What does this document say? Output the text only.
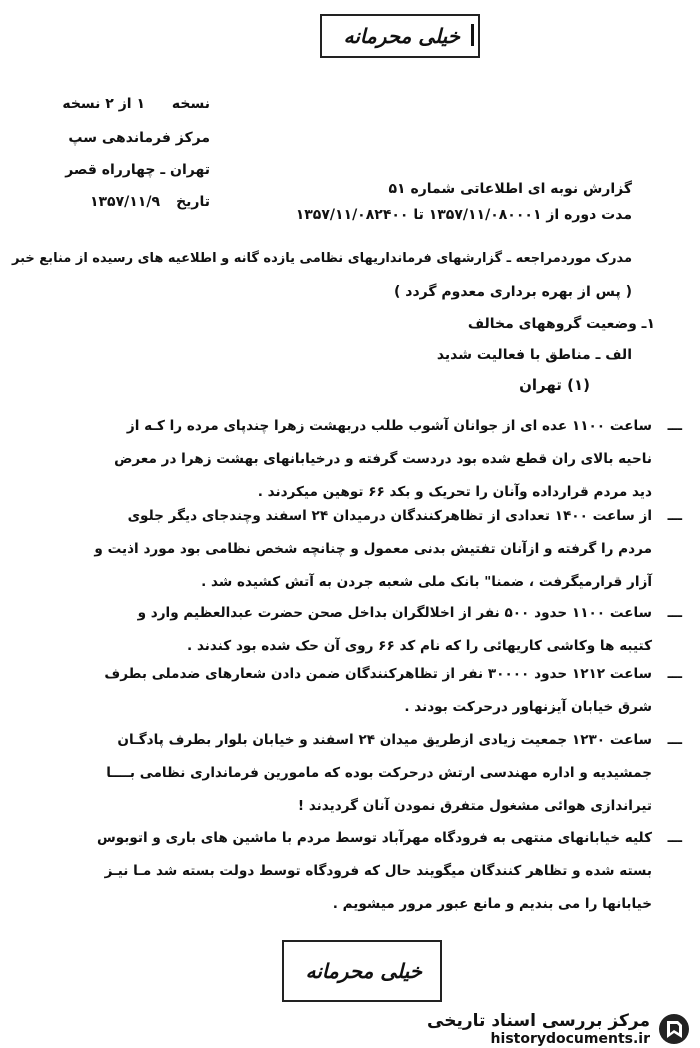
خیلی محرمانه
نسخه
۱ از ۲ نسخه
مرکز فرماندهی سپ
تهران ـ چهارراه قصر
تاریخ
۱۳۵۷/۱۱/۹
گزارش نوبه ای اطلاعاتی شماره ۵۱
مدت دوره از ۱۳۵۷/۱۱/۰۸۰۰۰۱ تا ۱۳۵۷/۱۱/۰۸۲۴۰۰
مدرک موردمراجعه ـ گزارشهای فرمانداریهای نظامی یازده گانه و اطلاعیه های رسیده از منابع خبر
( پس از بهره برداری معدوم گردد )
۱ـ وضعیت گروههای مخالف
الف ـ مناطق با فعالیت شدید
(۱) تهران
ـــ

ساعت ۱۱۰۰ عده ای از جوانان آشوب طلب دربهشت زهرا چندپای مرده را کـه از

ناحیه بالای ران قطع شده بود دردست گرفته و درخیابانهای بهشت زهرا در معرض

دید مردم قرارداده وآنان را تحریک و بکد ۶۶ توهین میکردند .

ـــ

از ساعت ۱۴۰۰ تعدادی از تظاهرکنندگان درمیدان ۲۴ اسفند وچندجای دیگر جلوی

مردم را گرفته و ازآنان تفتیش بدنی معمول و چنانچه شخص نظامی بود مورد اذیت و

آزار قرارمیگرفت ، ضمنا" بانک ملی شعبه جردن به آتش کشیده شد .

ـــ

ساعت ۱۱۰۰ حدود ۵۰۰ نفر از اخلالگران بداخل صحن حضرت عبدالعظیم وارد و

کتیبه ها وکاشی کاریهائی را که نام کد ۶۶ روی آن حک شده بود کندند .

ـــ

ساعت ۱۲۱۲ حدود ۳۰۰۰۰ نفر از تظاهرکنندگان ضمن دادن شعارهای ضدملی بطرف

شرق خیابان آیزنهاور درحرکت بودند .

ـــ

ساعت ۱۲۳۰ جمعیت زیادی ازطریق میدان ۲۴ اسفند و خیابان بلوار بطرف پادگـان

جمشیدیه و اداره مهندسی ارتش درحرکت بوده که مامورین فرمانداری نظامی بــــا

تیراندازی هوائی مشغول متفرق نمودن آنان گردیدند !

ـــ

کلیه خیابانهای منتهی به فرودگاه مهرآباد توسط مردم با ماشین های باری و اتوبوس

بسته شده و تظاهر کنندگان میگویند حال که فرودگاه توسط دولت بسته شد مـا نیـز

خیابانها را می بندیم و مانع عبور مرور میشویم .

خیلی محرمانه
مرکز بررسی اسناد تاریخی
historydocuments.ir
